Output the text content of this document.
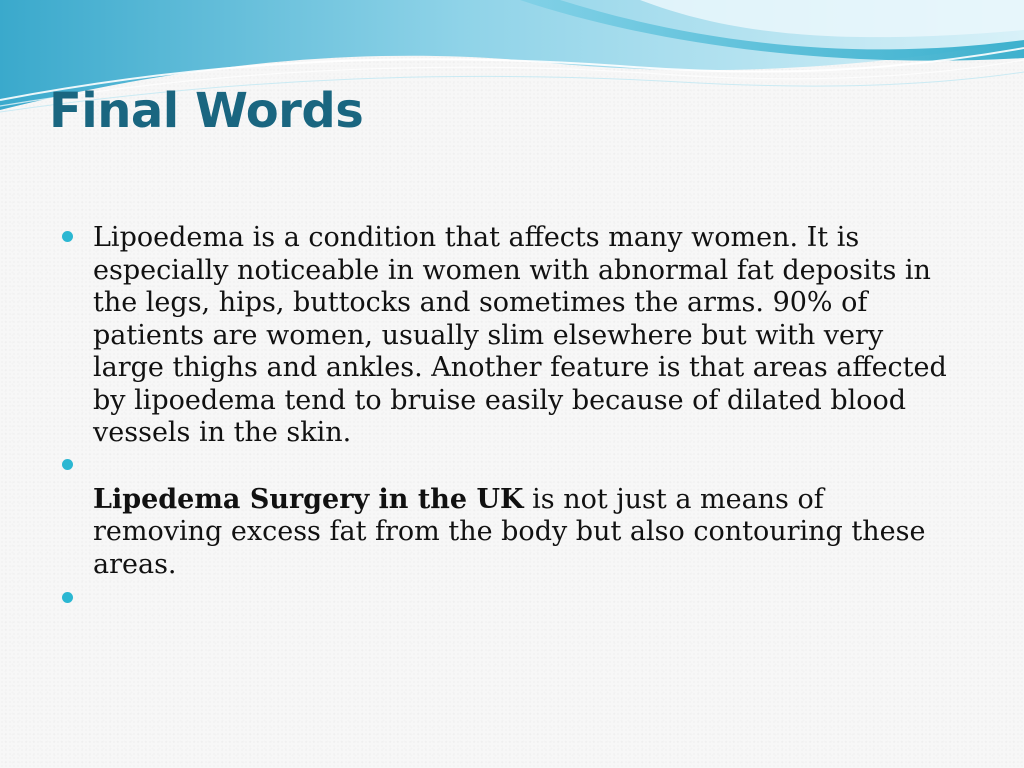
Final Words
Lipoedema is a condition that affects many women. It is especially noticeable in women with abnormal fat deposits in the legs, hips, buttocks and sometimes the arms. 90% of patients are women, usually slim elsewhere but with very large thighs and ankles. Another feature is that areas affected by lipoedema tend to bruise easily because of dilated blood vessels in the skin.
Lipedema Surgery in the UK is not just a means of removing excess fat from the body but also contouring these areas.
